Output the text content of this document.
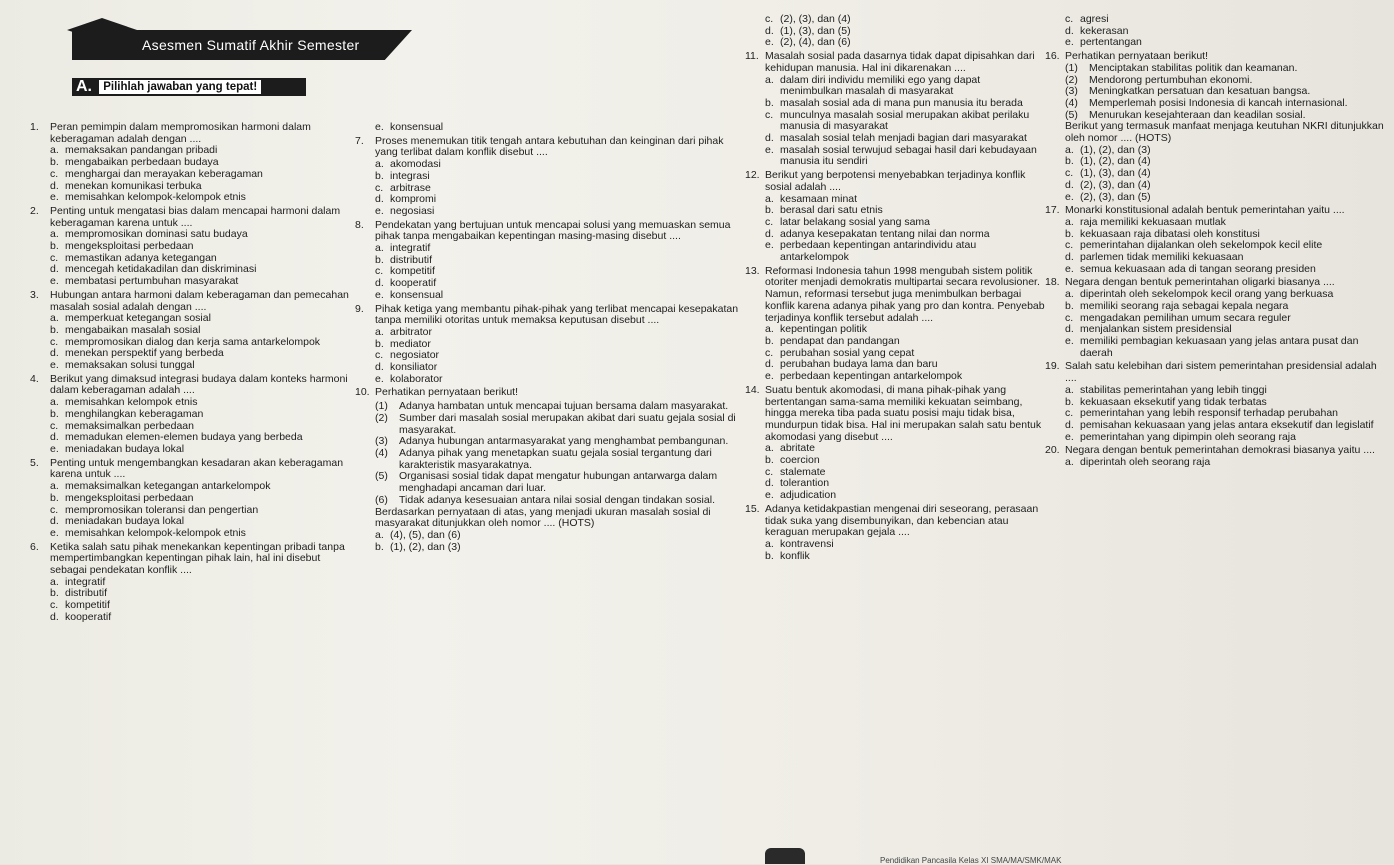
Asesmen Sumatif Akhir Semester
A. Pilihlah jawaban yang tepat!
1.	Peran pemimpin dalam mempromosikan harmoni dalam keberagaman adalah dengan ....
a. memaksakan pandangan pribadi
b. mengabaikan perbedaan budaya
c. menghargai dan merayakan keberagaman
d. menekan komunikasi terbuka
e. memisahkan kelompok-kelompok etnis
2.	Penting untuk mengatasi bias dalam mencapai harmoni dalam keberagaman karena untuk ....
a. mempromosikan dominasi satu budaya
b. mengeksploitasi perbedaan
c. memastikan adanya ketegangan
d. mencegah ketidakadilan dan diskriminasi
e. membatasi pertumbuhan masyarakat
3.	Hubungan antara harmoni dalam keberagaman dan pemecahan masalah sosial adalah dengan ....
a. memperkuat ketegangan sosial
b. mengabaikan masalah sosial
c. mempromosikan dialog dan kerja sama antarkelompok
d. menekan perspektif yang berbeda
e. memaksakan solusi tunggal
4.	Berikut yang dimaksud integrasi budaya dalam konteks harmoni dalam keberagaman adalah ....
a. memisahkan kelompok etnis
b. menghilangkan keberagaman
c. memaksimalkan perbedaan
d. memadukan elemen-elemen budaya yang berbeda
e. meniadakan budaya lokal
5.	Penting untuk mengembangkan kesadaran akan keberagaman karena untuk ....
a. memaksimalkan ketegangan antarkelompok
b. mengeksploitasi perbedaan
c. mempromosikan toleransi dan pengertian
d. meniadakan budaya lokal
e. memisahkan kelompok-kelompok etnis
6.	Ketika salah satu pihak menekankan kepentingan pribadi tanpa mempertimbangkan kepentingan pihak lain, hal ini disebut sebagai pendekatan konflik ....
a. integratif
b. distributif
c. kompetitif
d. kooperatif
e. konsensual
7.	Proses menemukan titik tengah antara kebutuhan dan keinginan dari pihak yang terlibat dalam konflik disebut ....
a. akomodasi
b. integrasi
c. arbitrase
d. kompromi
e. negosiasi
8.	Pendekatan yang bertujuan untuk mencapai solusi yang memuaskan semua pihak tanpa mengabaikan kepentingan masing-masing disebut ....
a. integratif
b. distributif
c. kompetitif
d. kooperatif
e. konsensual
9.	Pihak ketiga yang membantu pihak-pihak yang terlibat mencapai kesepakatan tanpa memiliki otoritas untuk memaksa keputusan disebut ....
a. arbitrator
b. mediator
c. negosiator
d. konsiliator
e. kolaborator
10. Perhatikan pernyataan berikut!
(1)	Adanya hambatan untuk mencapai tujuan bersama dalam masyarakat.
(2)	Sumber dari masalah sosial merupakan akibat dari suatu gejala sosial di masyarakat.
(3)	Adanya hubungan antarmasyarakat yang menghambat pembangunan.
(4)	Adanya pihak yang menetapkan suatu gejala sosial tergantung dari karakteristik masyarakatnya.
(5)	Organisasi sosial tidak dapat mengatur hubungan antarwarga dalam menghadapi ancaman dari luar.
(6)	Tidak adanya kesesuaian antara nilai sosial dengan tindakan sosial.
Berdasarkan pernyataan di atas, yang menjadi ukuran masalah sosial di masyarakat ditunjukkan oleh nomor .... (HOTS)
a. (4), (5), dan (6)
b. (1), (2), dan (3)
c. (2), (3), dan (4)
d. (1), (3), dan (5)
e. (2), (4), dan (6)
11. Masalah sosial pada dasarnya tidak dapat dipisahkan dari kehidupan manusia. Hal ini dikarenakan ....
a. dalam diri individu memiliki ego yang dapat menimbulkan masalah di masyarakat
b. masalah sosial ada di mana pun manusia itu berada
c. munculnya masalah sosial merupakan akibat perilaku manusia di masyarakat
d. masalah sosial telah menjadi bagian dari masyarakat
e. masalah sosial terwujud sebagai hasil dari kebudayaan manusia itu sendiri
12. Berikut yang berpotensi menyebabkan terjadinya konflik sosial adalah ....
a. kesamaan minat
b. berasal dari satu etnis
c. latar belakang sosial yang sama
d. adanya kesepakatan tentang nilai dan norma
e. perbedaan kepentingan antarindividu atau antarkelompok
13. Reformasi Indonesia tahun 1998 mengubah sistem politik otoriter menjadi demokratis multipartai secara revolusioner. Namun, reformasi tersebut juga menimbulkan berbagai konflik karena adanya pihak yang pro dan kontra. Penyebab terjadinya konflik tersebut adalah ....
a. kepentingan politik
b. pendapat dan pandangan
c. perubahan sosial yang cepat
d. perubahan budaya lama dan baru
e. perbedaan kepentingan antarkelompok
14. Suatu bentuk akomodasi, di mana pihak-pihak yang bertentangan sama-sama memiliki kekuatan seimbang, hingga mereka tiba pada suatu posisi maju tidak bisa, mundurpun tidak bisa. Hal ini merupakan salah satu bentuk akomodasi yang disebut ....
a. abritate
b. coercion
c. stalemate
d. tolerantion
e. adjudication
15. Adanya ketidakpastian mengenai diri seseorang, perasaan tidak suka yang disembunyikan, dan kebencian atau keraguan merupakan gejala ....
a. kontravensi
b. konflik
c. agresi
d. kekerasan
e. pertentangan
16. Perhatikan pernyataan berikut!
(1)	Menciptakan stabilitas politik dan keamanan.
(2)	Mendorong pertumbuhan ekonomi.
(3)	Meningkatkan persatuan dan kesatuan bangsa.
(4)	Memperlemah posisi Indonesia di kancah internasional.
(5)	Menurukan kesejahteraan dan keadilan sosial.
Berikut yang termasuk manfaat menjaga keutuhan NKRI ditunjukkan oleh nomor .... (HOTS)
a. (1), (2), dan (3)
b. (1), (2), dan (4)
c. (1), (3), dan (4)
d. (2), (3), dan (4)
e. (2), (3), dan (5)
17. Monarki konstitusional adalah bentuk pemerintahan yaitu ....
a. raja memiliki kekuasaan mutlak
b. kekuasaan raja dibatasi oleh konstitusi
c. pemerintahan dijalankan oleh sekelompok kecil elite
d. parlemen tidak memiliki kekuasaan
e. semua kekuasaan ada di tangan seorang presiden
18. Negara dengan bentuk pemerintahan oligarki biasanya ....
a. diperintah oleh sekelompok kecil orang yang berkuasa
b. memiliki seorang raja sebagai kepala negara
c. mengadakan pemilihan umum secara reguler
d. menjalankan sistem presidensial
e. memiliki pembagian kekuasaan yang jelas antara pusat dan daerah
19. Salah satu kelebihan dari sistem pemerintahan presidensial adalah ....
a. stabilitas pemerintahan yang lebih tinggi
b. kekuasaan eksekutif yang tidak terbatas
c. pemerintahan yang lebih responsif terhadap perubahan
d. pemisahan kekuasaan yang jelas antara eksekutif dan legislatif
e. pemerintahan yang dipimpin oleh seorang raja
20. Negara dengan bentuk pemerintahan demokrasi biasanya yaitu ....
a. diperintah oleh seorang raja
Pendidikan Pancasila Kelas XI SMA/MA/SMK/MAK
